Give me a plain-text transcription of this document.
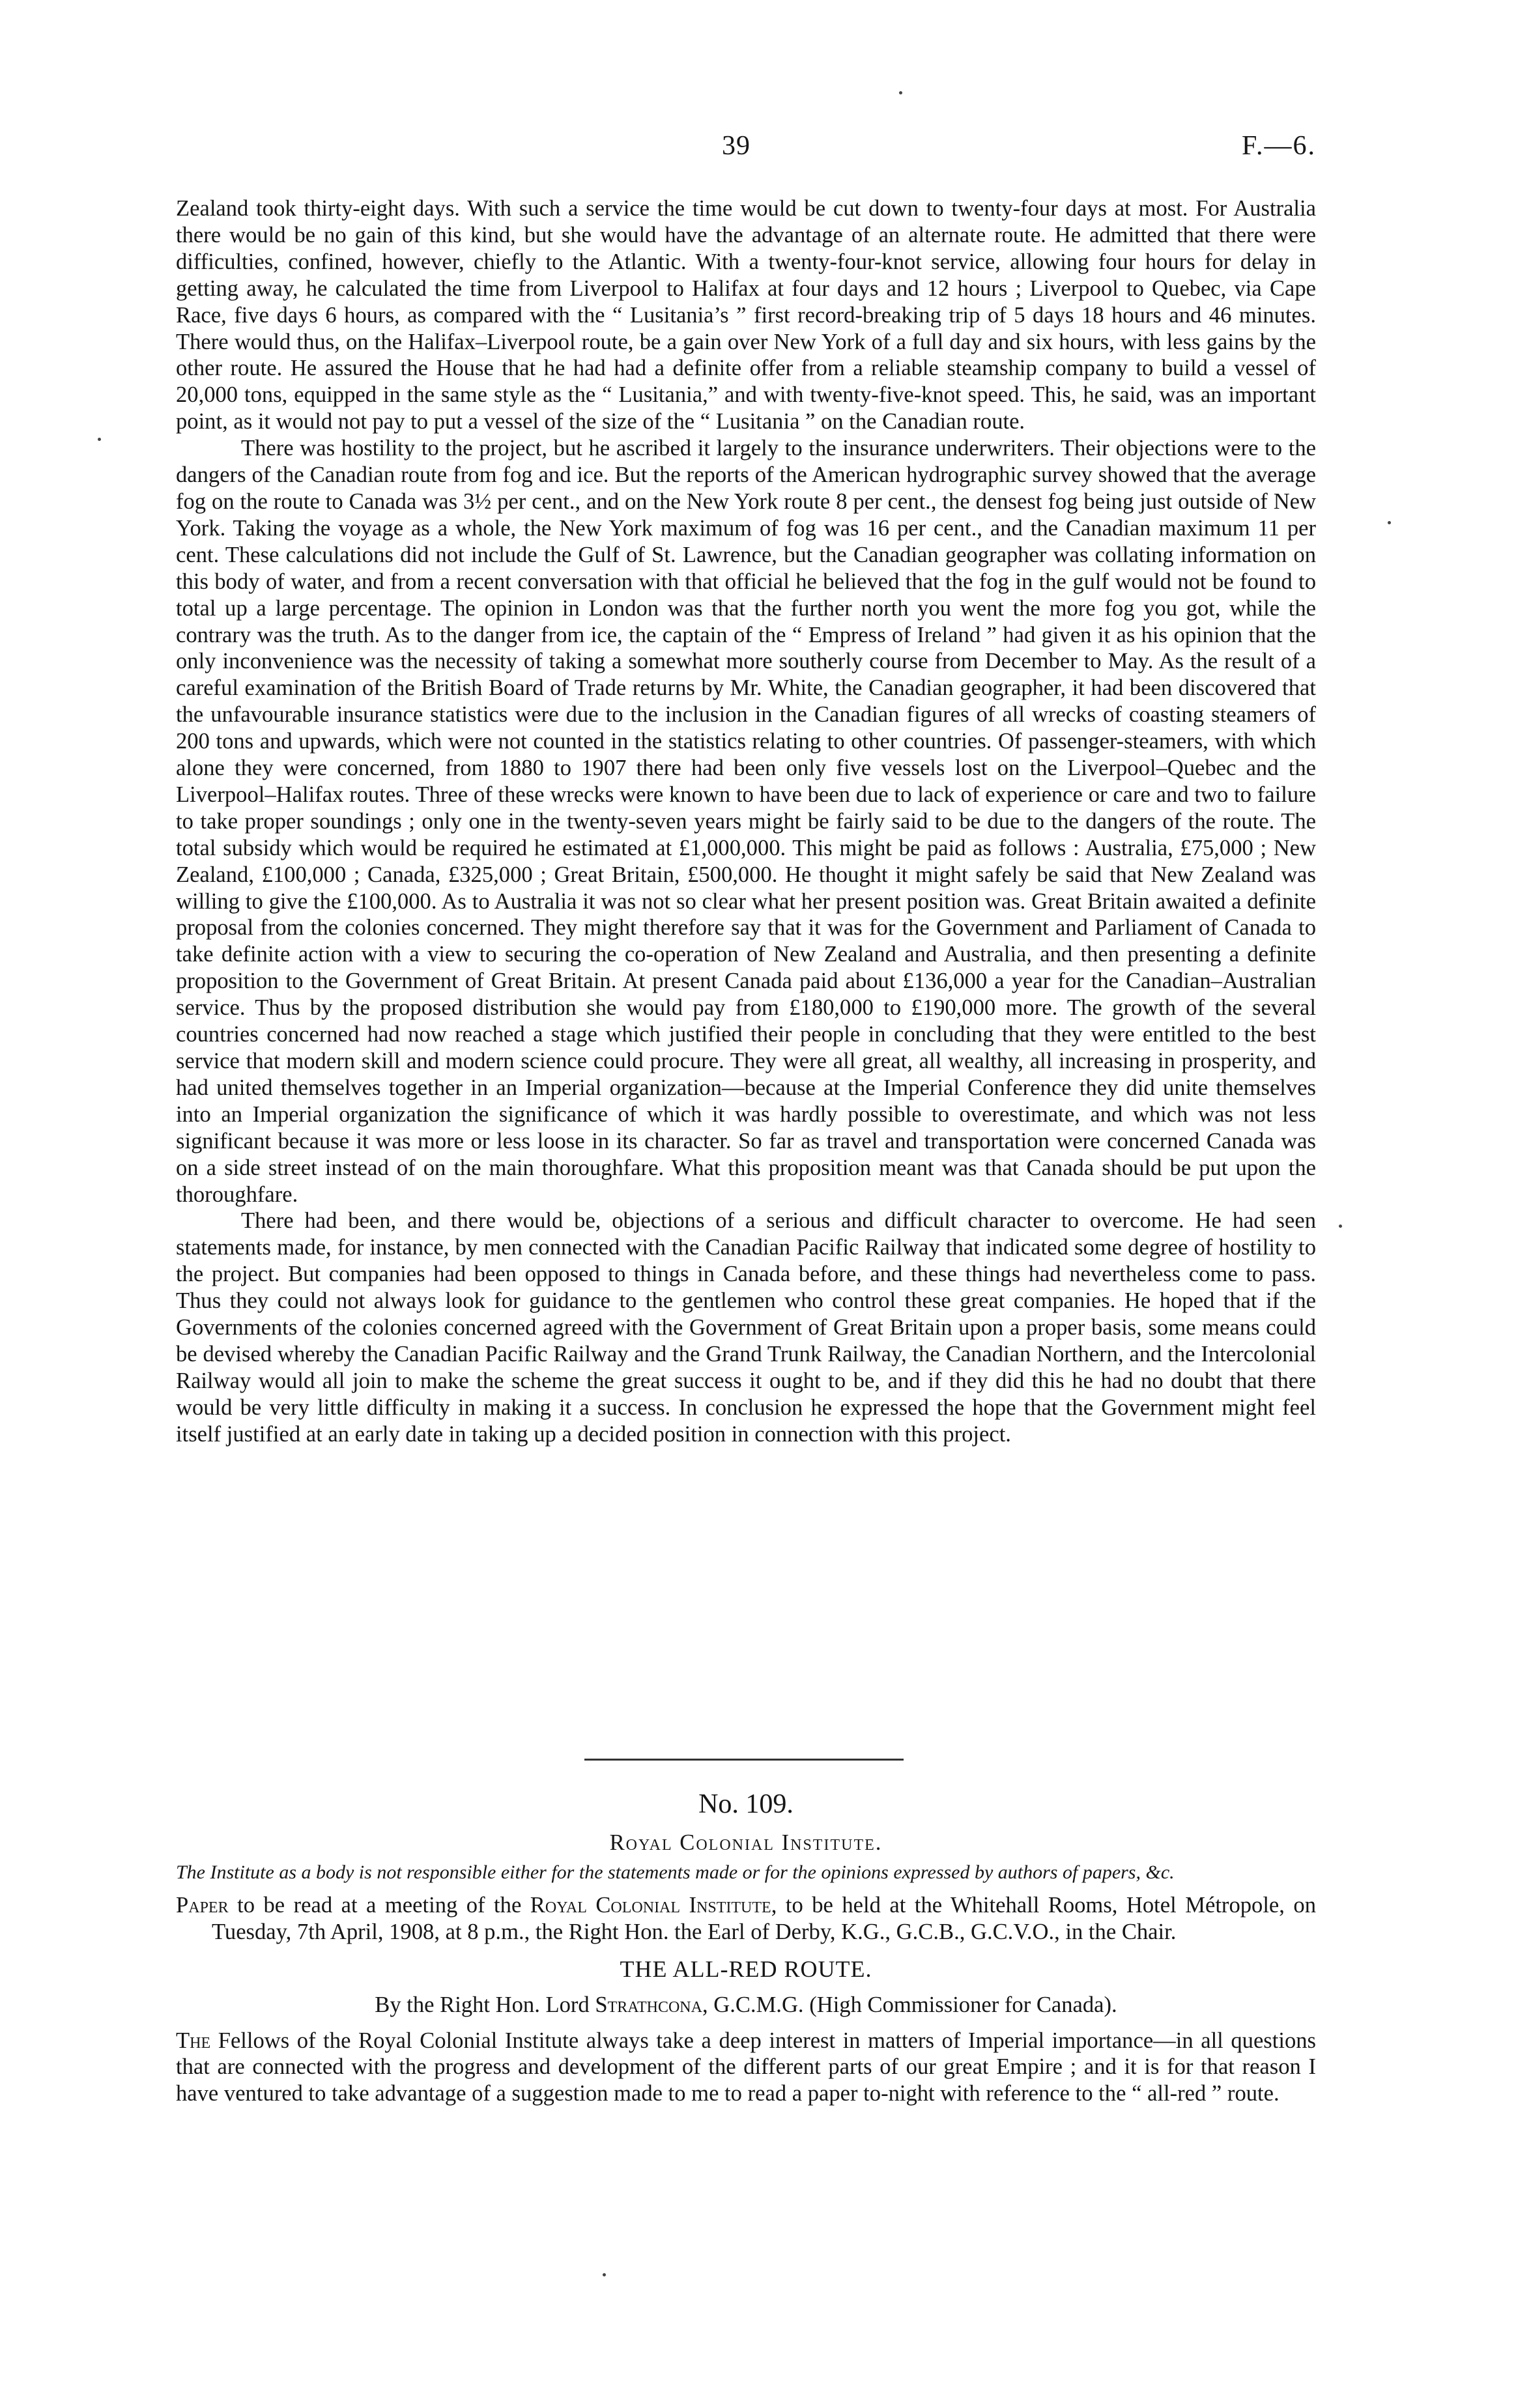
39	F.—6.

Zealand took thirty-eight days. With such a service the time would be cut down to twenty-four days at most. For Australia there would be no gain of this kind, but she would have the advantage of an alternate route. He admitted that there were difficulties, confined, however, chiefly to the Atlantic. With a twenty-four-knot service, allowing four hours for delay in getting away, he calculated the time from Liverpool to Halifax at four days and 12 hours ; Liverpool to Quebec, via Cape Race, five days 6 hours, as compared with the “ Lusitania’s ” first record-breaking trip of 5 days 18 hours and 46 minutes. There would thus, on the Halifax–Liverpool route, be a gain over New York of a full day and six hours, with less gains by the other route. He assured the House that he had had a definite offer from a reliable steamship company to build a vessel of 20,000 tons, equipped in the same style as the “ Lusitania,” and with twenty-five-knot speed. This, he said, was an important point, as it would not pay to put a vessel of the size of the “ Lusitania ” on the Canadian route.

There was hostility to the project, but he ascribed it largely to the insurance underwriters. Their objections were to the dangers of the Canadian route from fog and ice. But the reports of the American hydrographic survey showed that the average fog on the route to Canada was 3½ per cent., and on the New York route 8 per cent., the densest fog being just outside of New York. Taking the voyage as a whole, the New York maximum of fog was 16 per cent., and the Canadian maximum 11 per cent. These calculations did not include the Gulf of St. Lawrence, but the Canadian geographer was collating information on this body of water, and from a recent conversation with that official he believed that the fog in the gulf would not be found to total up a large percentage. The opinion in London was that the further north you went the more fog you got, while the contrary was the truth. As to the danger from ice, the captain of the “ Empress of Ireland ” had given it as his opinion that the only inconvenience was the necessity of taking a somewhat more southerly course from December to May. As the result of a careful examination of the British Board of Trade returns by Mr. White, the Canadian geographer, it had been discovered that the unfavourable insurance statistics were due to the inclusion in the Canadian figures of all wrecks of coasting steamers of 200 tons and upwards, which were not counted in the statistics relating to other countries. Of passenger-steamers, with which alone they were concerned, from 1880 to 1907 there had been only five vessels lost on the Liverpool–Quebec and the Liverpool–Halifax routes. Three of these wrecks were known to have been due to lack of experience or care and two to failure to take proper soundings ; only one in the twenty-seven years might be fairly said to be due to the dangers of the route. The total subsidy which would be required he estimated at £1,000,000. This might be paid as follows : Australia, £75,000 ; New Zealand, £100,000 ; Canada, £325,000 ; Great Britain, £500,000. He thought it might safely be said that New Zealand was willing to give the £100,000. As to Australia it was not so clear what her present position was. Great Britain awaited a definite proposal from the colonies concerned. They might therefore say that it was for the Government and Parliament of Canada to take definite action with a view to securing the co-operation of New Zealand and Australia, and then presenting a definite proposition to the Government of Great Britain. At present Canada paid about £136,000 a year for the Canadian–Australian service. Thus by the proposed distribution she would pay from £180,000 to £190,000 more. The growth of the several countries concerned had now reached a stage which justified their people in concluding that they were entitled to the best service that modern skill and modern science could procure. They were all great, all wealthy, all increasing in prosperity, and had united themselves together in an Imperial organization—because at the Imperial Conference they did unite themselves into an Imperial organization the significance of which it was hardly possible to overestimate, and which was not less significant because it was more or less loose in its character. So far as travel and transportation were concerned Canada was on a side street instead of on the main thoroughfare. What this proposition meant was that Canada should be put upon the thoroughfare.

There had been, and there would be, objections of a serious and difficult character to overcome. He had seen statements made, for instance, by men connected with the Canadian Pacific Railway that indicated some degree of hostility to the project. But companies had been opposed to things in Canada before, and these things had nevertheless come to pass. Thus they could not always look for guidance to the gentlemen who control these great companies. He hoped that if the Governments of the colonies concerned agreed with the Government of Great Britain upon a proper basis, some means could be devised whereby the Canadian Pacific Railway and the Grand Trunk Railway, the Canadian Northern, and the Intercolonial Railway would all join to make the scheme the great success it ought to be, and if they did this he had no doubt that there would be very little difficulty in making it a success. In conclusion he expressed the hope that the Government might feel itself justified at an early date in taking up a decided position in connection with this project.

No. 109.
Royal Colonial Institute.
The Institute as a body is not responsible either for the statements made or for the opinions expressed by authors of papers, &c.

Paper to be read at a meeting of the Royal Colonial Institute, to be held at the Whitehall Rooms, Hotel Métropole, on Tuesday, 7th April, 1908, at 8 p.m., the Right Hon. the Earl of Derby, K.G., G.C.B., G.C.V.O., in the Chair.

THE ALL-RED ROUTE.
By the Right Hon. Lord Strathcona, G.C.M.G. (High Commissioner for Canada).

The Fellows of the Royal Colonial Institute always take a deep interest in matters of Imperial importance—in all questions that are connected with the progress and development of the different parts of our great Empire ; and it is for that reason I have ventured to take advantage of a suggestion made to me to read a paper to-night with reference to the “ all-red ” route.
